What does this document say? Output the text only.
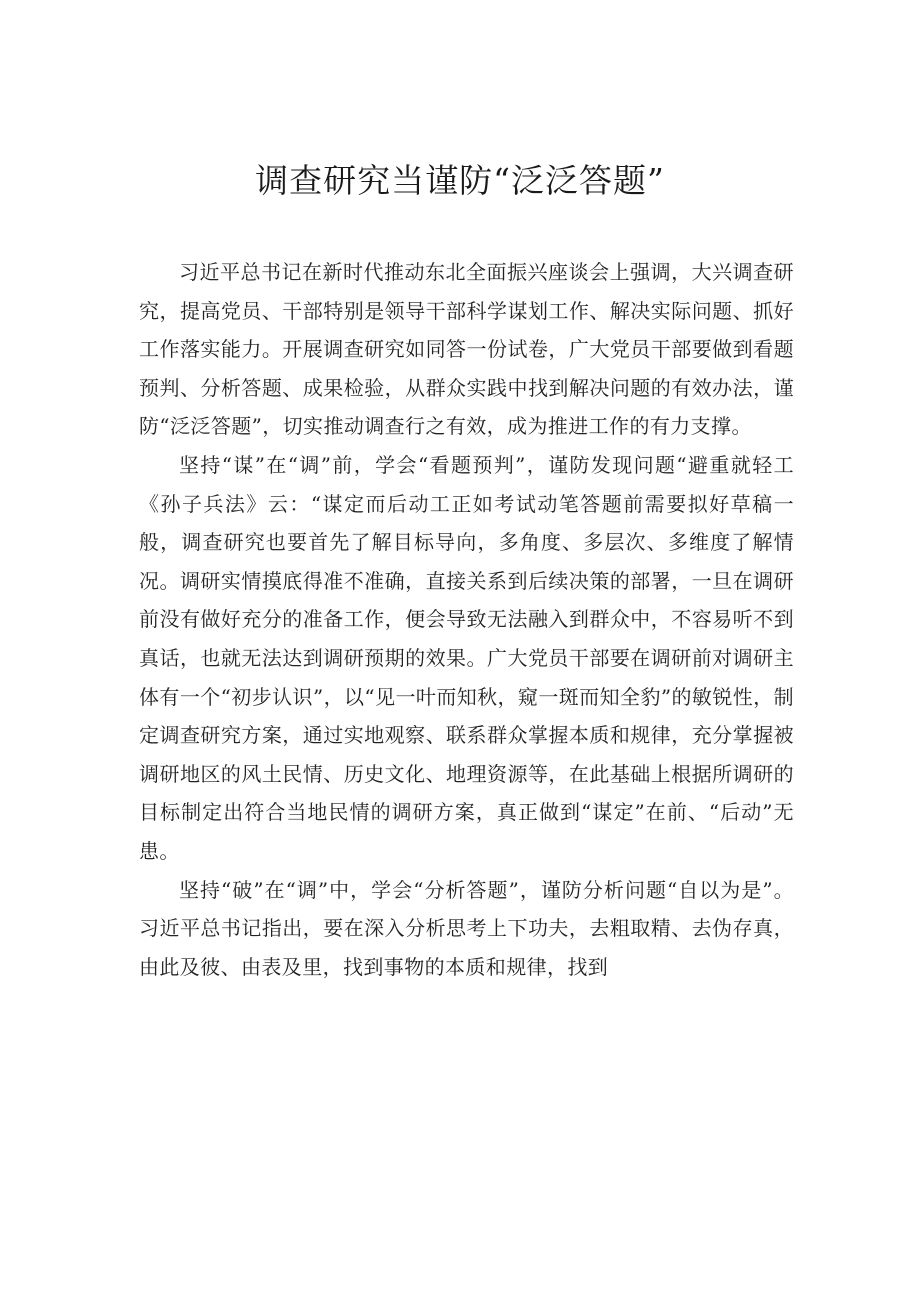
调查研究当谨防“泛泛答题”

习近平总书记在新时代推动东北全面振兴座谈会上强调，大兴调查研究，提高党员、干部特别是领导干部科学谋划工作、解决实际问题、抓好工作落实能力。开展调查研究如同答一份试卷，广大党员干部要做到看题预判、分析答题、成果检验，从群众实践中找到解决问题的有效办法，谨防“泛泛答题”，切实推动调查行之有效，成为推进工作的有力支撑。

坚持“谋”在“调”前，学会“看题预判”，谨防发现问题“避重就轻工《孙子兵法》云：“谋定而后动工正如考试动笔答题前需要拟好草稿一般，调查研究也要首先了解目标导向，多角度、多层次、多维度了解情况。调研实情摸底得准不准确，直接关系到后续决策的部署，一旦在调研前没有做好充分的准备工作，便会导致无法融入到群众中，不容易听不到真话，也就无法达到调研预期的效果。广大党员干部要在调研前对调研主体有一个“初步认识”，以“见一叶而知秋，窥一斑而知全豹”的敏锐性，制定调查研究方案，通过实地观察、联系群众掌握本质和规律，充分掌握被调研地区的风土民情、历史文化、地理资源等，在此基础上根据所调研的目标制定出符合当地民情的调研方案，真正做到“谋定”在前、“后动”无患。

坚持“破”在“调”中，学会“分析答题”，谨防分析问题“自以为是”。习近平总书记指出，要在深入分析思考上下功夫，去粗取精、去伪存真，由此及彼、由表及里，找到事物的本质和规律，找到
